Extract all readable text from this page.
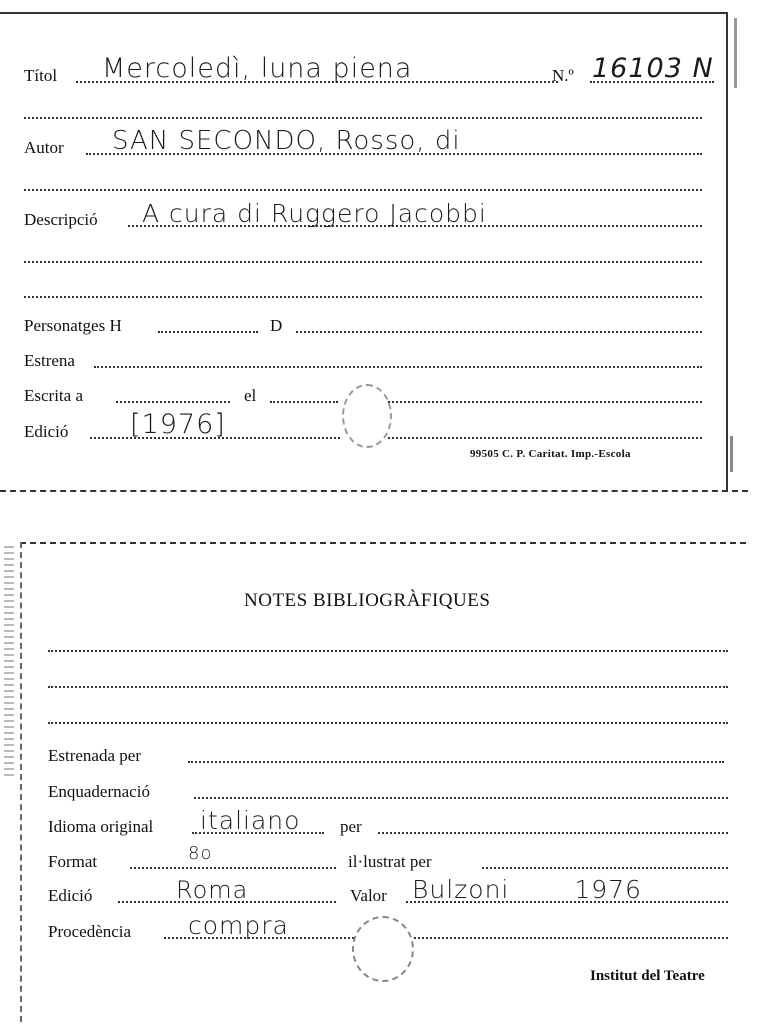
Títol Mercoledì, luna piena	N.º 16103 N
Autor SAN SECONDO, Rosso, di
Descripció A cura di Ruggero Jacobbi
Personatges H	D
Estrena
Escrita a	el
Edició [1976]
99505 C. P. Caritat. Imp.-Escola
NOTES BIBLIOGRÀFIQUES
Estrenada per
Enquadernació
Idioma original italiano per
Format	8o	il·lustrat per
Edició	Roma	Valor Bulzoni 1976
Procedència compra
Institut del Teatre
